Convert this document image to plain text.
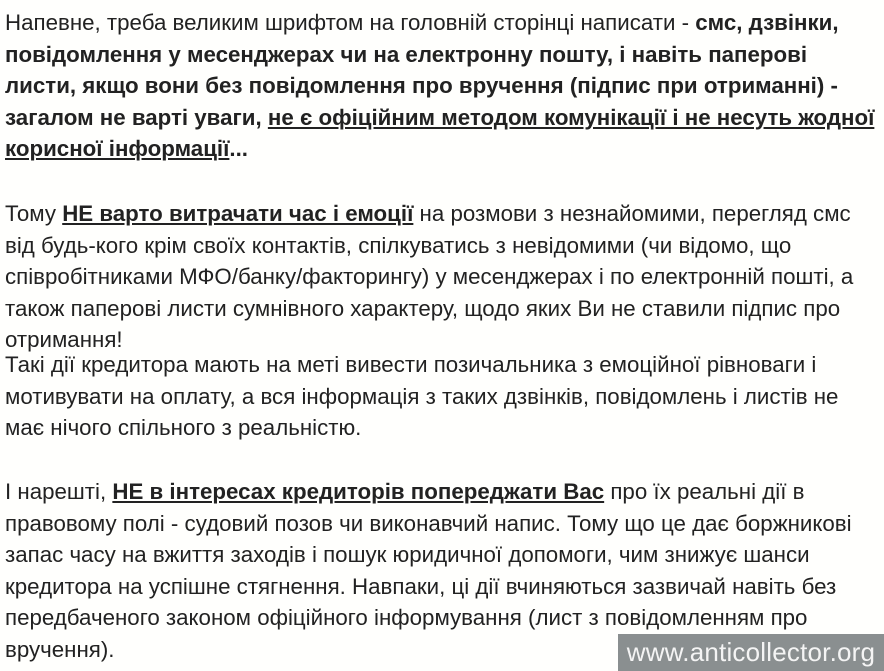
Напевне, треба великим шрифтом на головній сторінці написати - смс, дзвінки, повідомлення у месенджерах чи на електронну пошту, і навіть паперові листи, якщо вони без повідомлення про вручення (підпис при отриманні) - загалом не варті уваги, не є офіційним методом комунікації і не несуть жодної корисної інформації...

Тому НЕ варто витрачати час і емоції на розмови з незнайомими, перегляд смс від будь-кого крім своїх контактів, спілкуватись з невідомими (чи відомо, що співробітниками МФО/банку/факторингу) у месенджерах і по електронній пошті, а також паперові листи сумнівного характеру, щодо яких Ви не ставили підпис про отримання!

Такі дії кредитора мають на меті вивести позичальника з емоційної рівноваги і мотивувати на оплату, а вся інформація з таких дзвінків, повідомлень і листів не має нічого спільного з реальністю.

І нарешті, НЕ в інтересах кредиторів попереджати Вас про їх реальні дії в правовому полі - судовий позов чи виконавчий напис. Тому що це дає боржникові запас часу на вжиття заходів і пошук юридичної допомоги, чим знижує шанси кредитора на успішне стягнення. Навпаки, ці дії вчиняються зазвичай навіть без передбаченого законом офіційного інформування (лист з повідомленням про вручення).	www.anticollector.org
